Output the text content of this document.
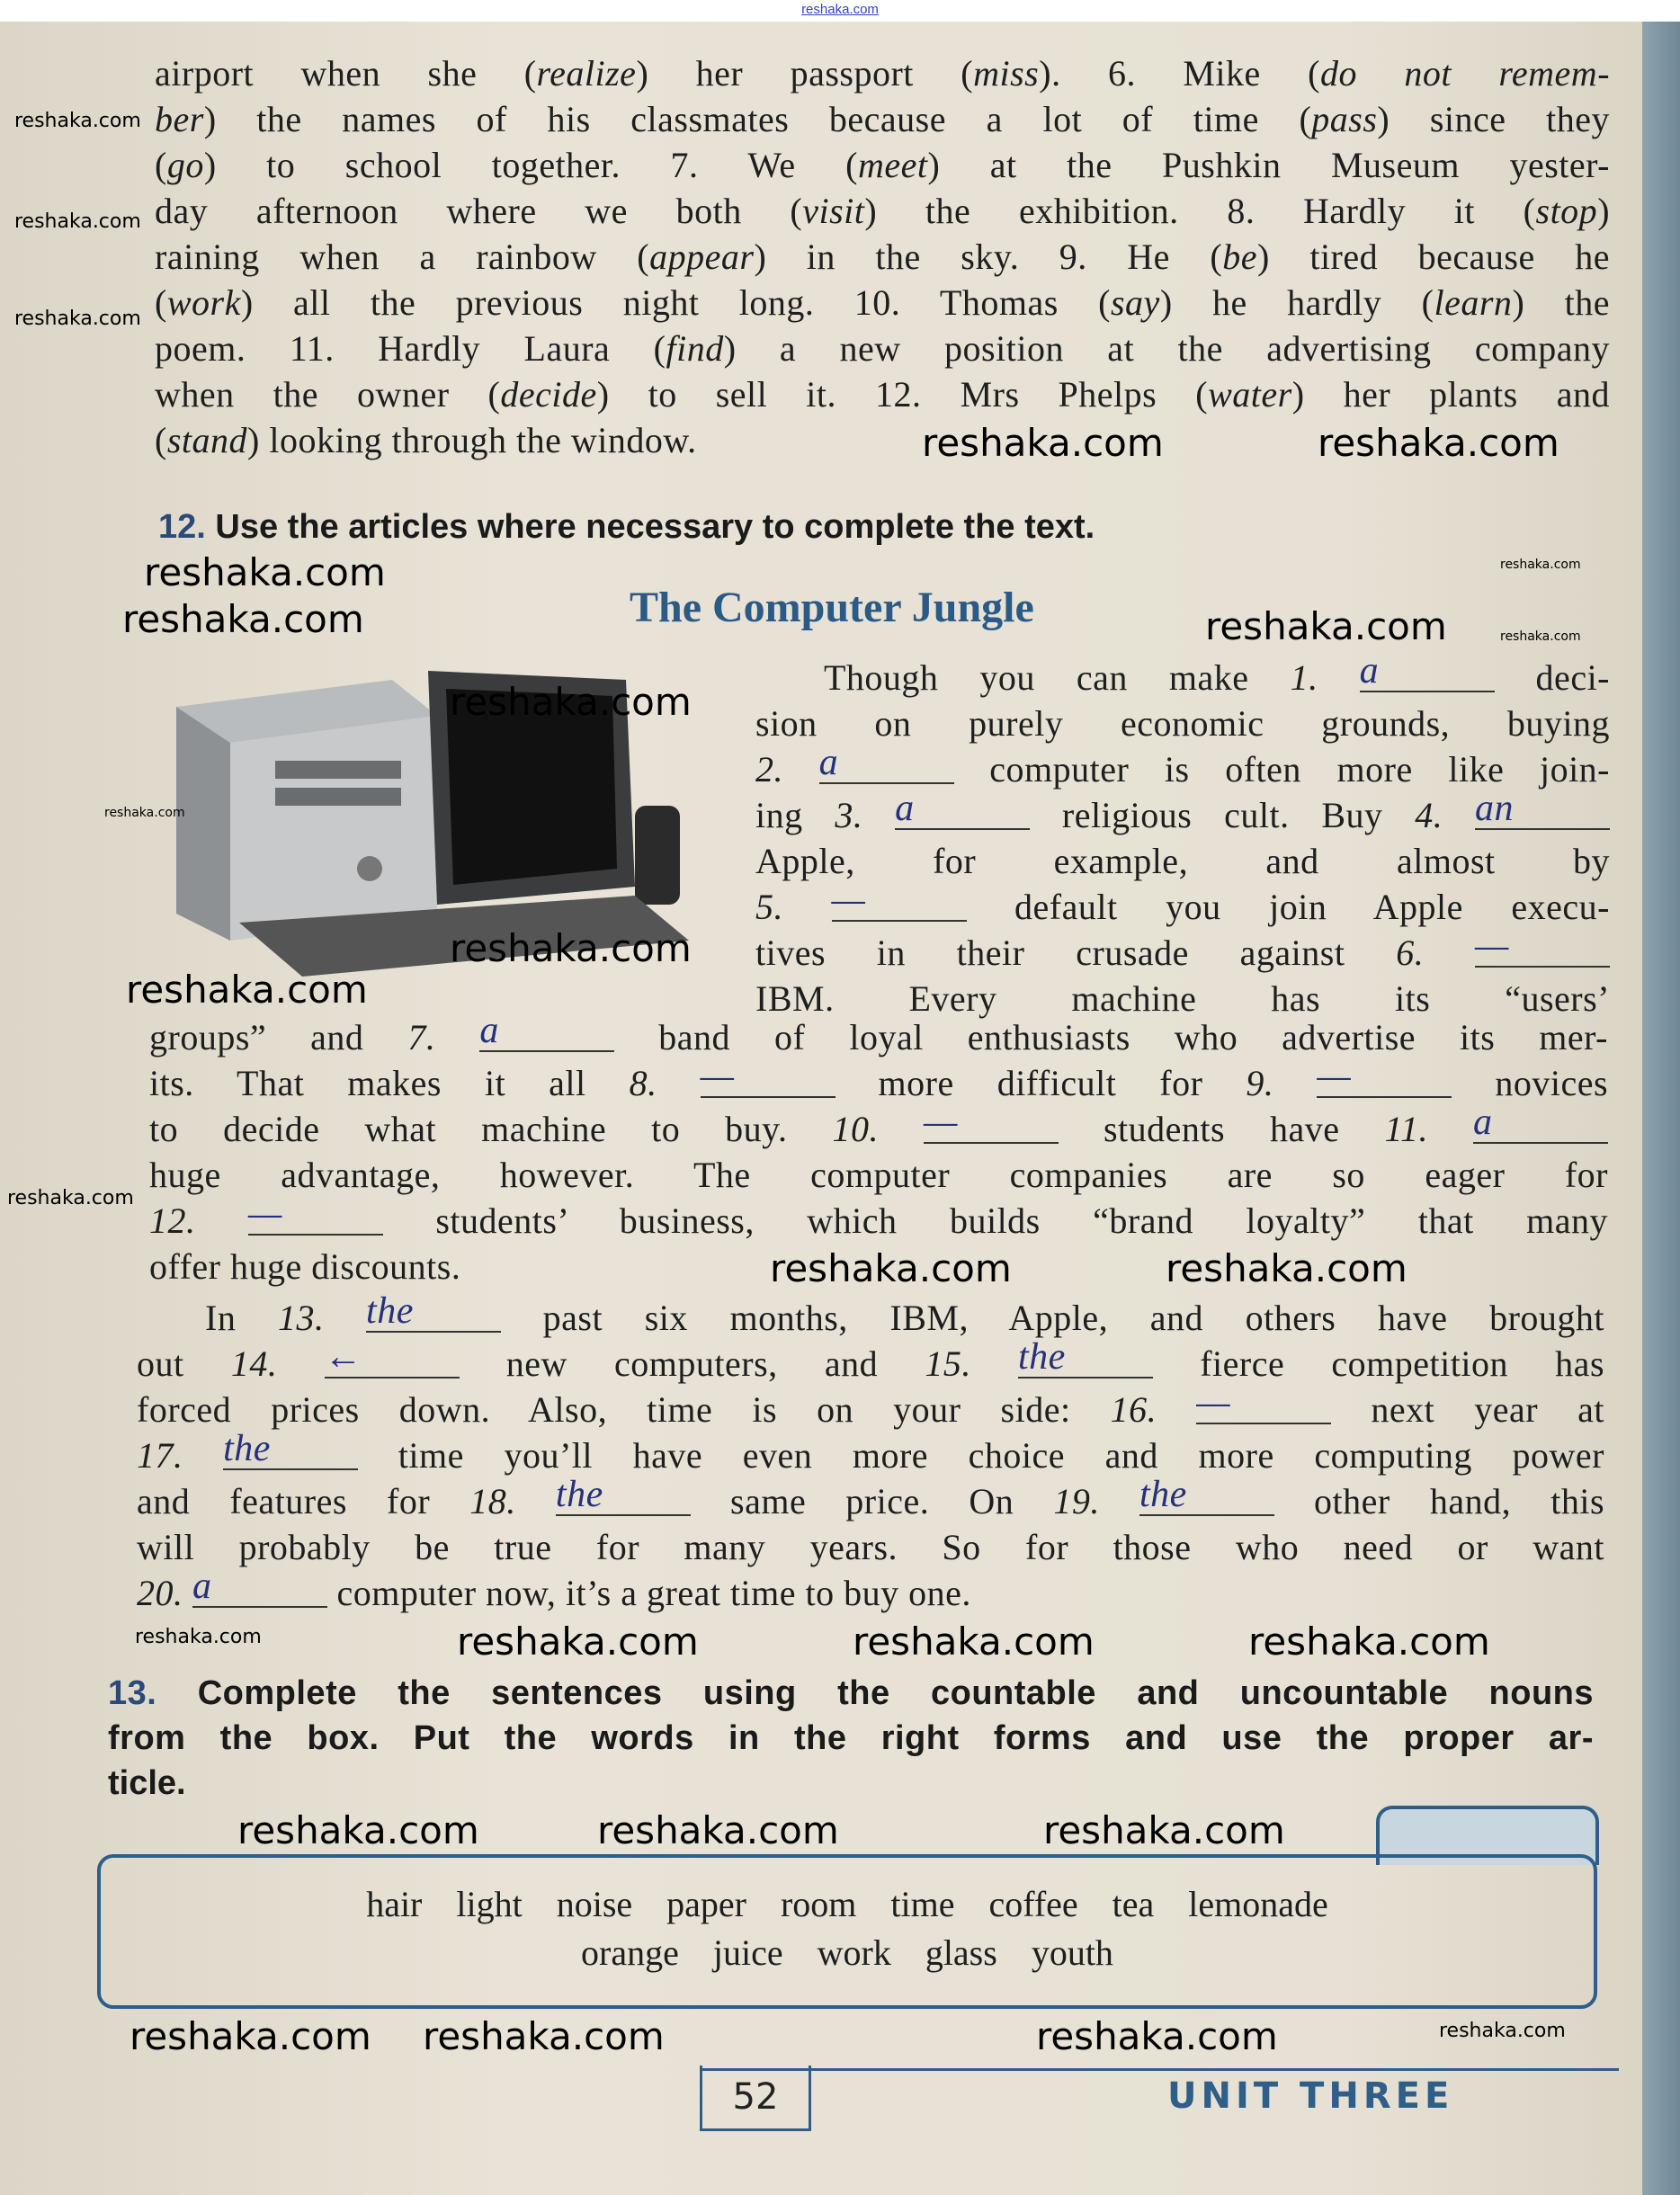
reshaka.com
airport when she (realize) her passport (miss). 6. Mike (do not remem-
ber) the names of his classmates because a lot of time (pass) since they
(go) to school together. 7. We (meet) at the Pushkin Museum yester-
day afternoon where we both (visit) the exhibition. 8. Hardly it (stop)
raining when a rainbow (appear) in the sky. 9. He (be) tired because he
(work) all the previous night long. 10. Thomas (say) he hardly (learn) the
poem. 11. Hardly Laura (find) a new position at the advertising company
when the owner (decide) to sell it. 12. Mrs Phelps (water) her plants and
(stand) looking through the window.
12. Use the articles where necessary to complete the text.
The Computer Jungle
Though you can make 1. a	deci-
sion on purely economic grounds, buying
2. a	computer is often more like join-
ing 3. a	religious cult. Buy 4. an
Apple, for example, and almost by
5. —	default you join Apple execu-
tives in their crusade against 6. —
IBM. Every machine has its “users’
groups” and 7. a	band of loyal enthusiasts who advertise its mer-
its. That makes it all 8. —	more difficult for 9. —	novices
to decide what machine to buy. 10. —	students have 11. a
huge advantage, however. The computer companies are so eager for
12. —	students’ business, which builds “brand loyalty” that many
offer huge discounts.
In 13. the past six months, IBM, Apple, and others have brought
out 14. ←	new computers, and 15. the fierce competition has
forced prices down. Also, time is on your side: 16. —	next year at
17. the time you’ll have even more choice and more computing power
and features for 18. the same price. On 19. the other hand, this
will probably be true for many years. So for those who need or want
20. a	computer now, it’s a great time to buy one.
13. Complete the sentences using the countable and uncountable nouns
from the box. Put the words in the right forms and use the proper ar-
ticle.
hair light noise paper room time coffee tea lemonade
orange juice work glass youth
52	UNIT THREE
reshaka.com	reshaka.com
reshaka.com
reshaka.com	reshaka.com
reshaka.com
reshaka.com
reshaka.com
reshaka.com	reshaka.com
reshaka.com	reshaka.com	reshaka.com
reshaka.com	reshaka.com	reshaka.com
reshaka.com reshaka.com	reshaka.com
reshaka.com
reshaka.com
reshaka.com
reshaka.com
reshaka.com
reshaka.com
reshaka.com
reshaka.com
reshaka.com
